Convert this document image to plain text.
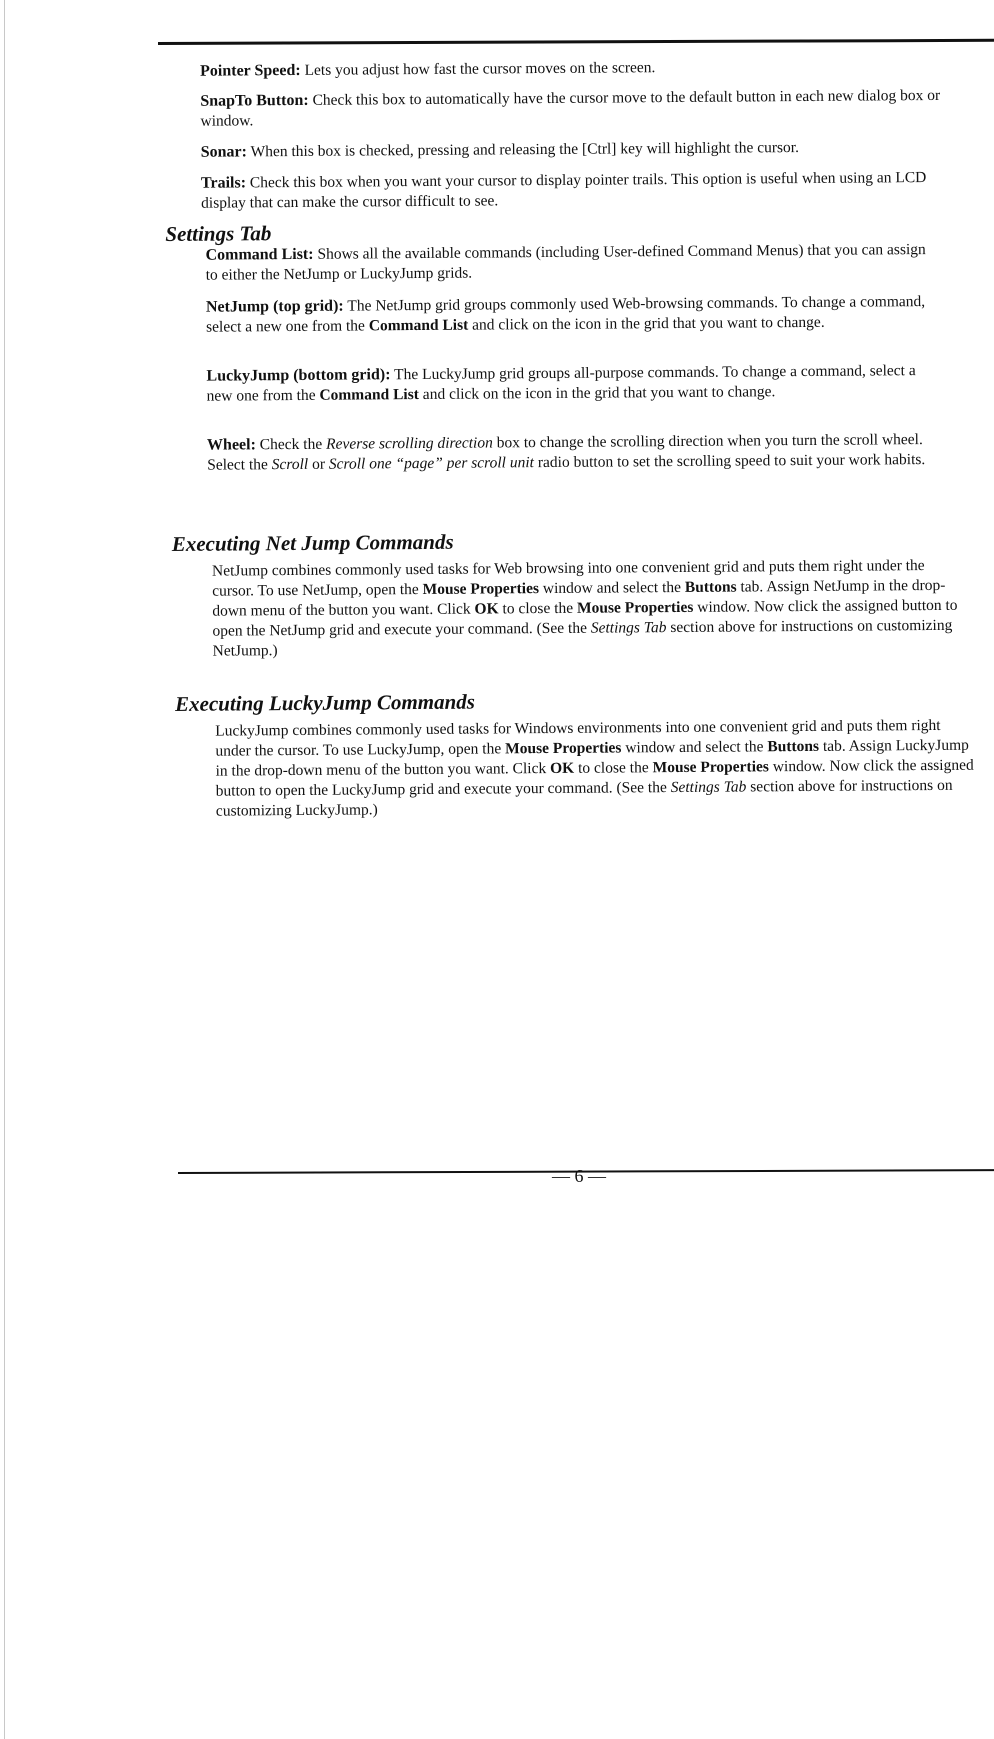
Pointer Speed: Lets you adjust how fast the cursor moves on the screen.

SnapTo Button: Check this box to automatically have the cursor move to the default button in each new dialog box or window.

Sonar: When this box is checked, pressing and releasing the [Ctrl] key will highlight the cursor.

Trails: Check this box when you want your cursor to display pointer trails. This option is useful when using an LCD display that can make the cursor difficult to see.

Settings Tab

Command List: Shows all the available commands (including User-defined Command Menus) that you can assign to either the NetJump or LuckyJump grids.

NetJump (top grid): The NetJump grid groups commonly used Web-browsing commands. To change a command, select a new one from the Command List and click on the icon in the grid that you want to change.

LuckyJump (bottom grid): The LuckyJump grid groups all-purpose commands. To change a command, select a new one from the Command List and click on the icon in the grid that you want to change.

Wheel: Check the Reverse scrolling direction box to change the scrolling direction when you turn the scroll wheel. Select the Scroll or Scroll one “page” per scroll unit radio button to set the scrolling speed to suit your work habits.

Executing Net Jump Commands

NetJump combines commonly used tasks for Web browsing into one convenient grid and puts them right under the cursor. To use NetJump, open the Mouse Properties window and select the Buttons tab. Assign NetJump in the drop-down menu of the button you want. Click OK to close the Mouse Properties window. Now click the assigned button to open the NetJump grid and execute your command. (See the Settings Tab section above for instructions on customizing NetJump.)

Executing LuckyJump Commands

LuckyJump combines commonly used tasks for Windows environments into one convenient grid and puts them right under the cursor. To use LuckyJump, open the Mouse Properties window and select the Buttons tab. Assign LuckyJump in the drop-down menu of the button you want. Click OK to close the Mouse Properties window. Now click the assigned button to open the LuckyJump grid and execute your command. (See the Settings Tab section above for instructions on customizing LuckyJump.)

— 6 —
